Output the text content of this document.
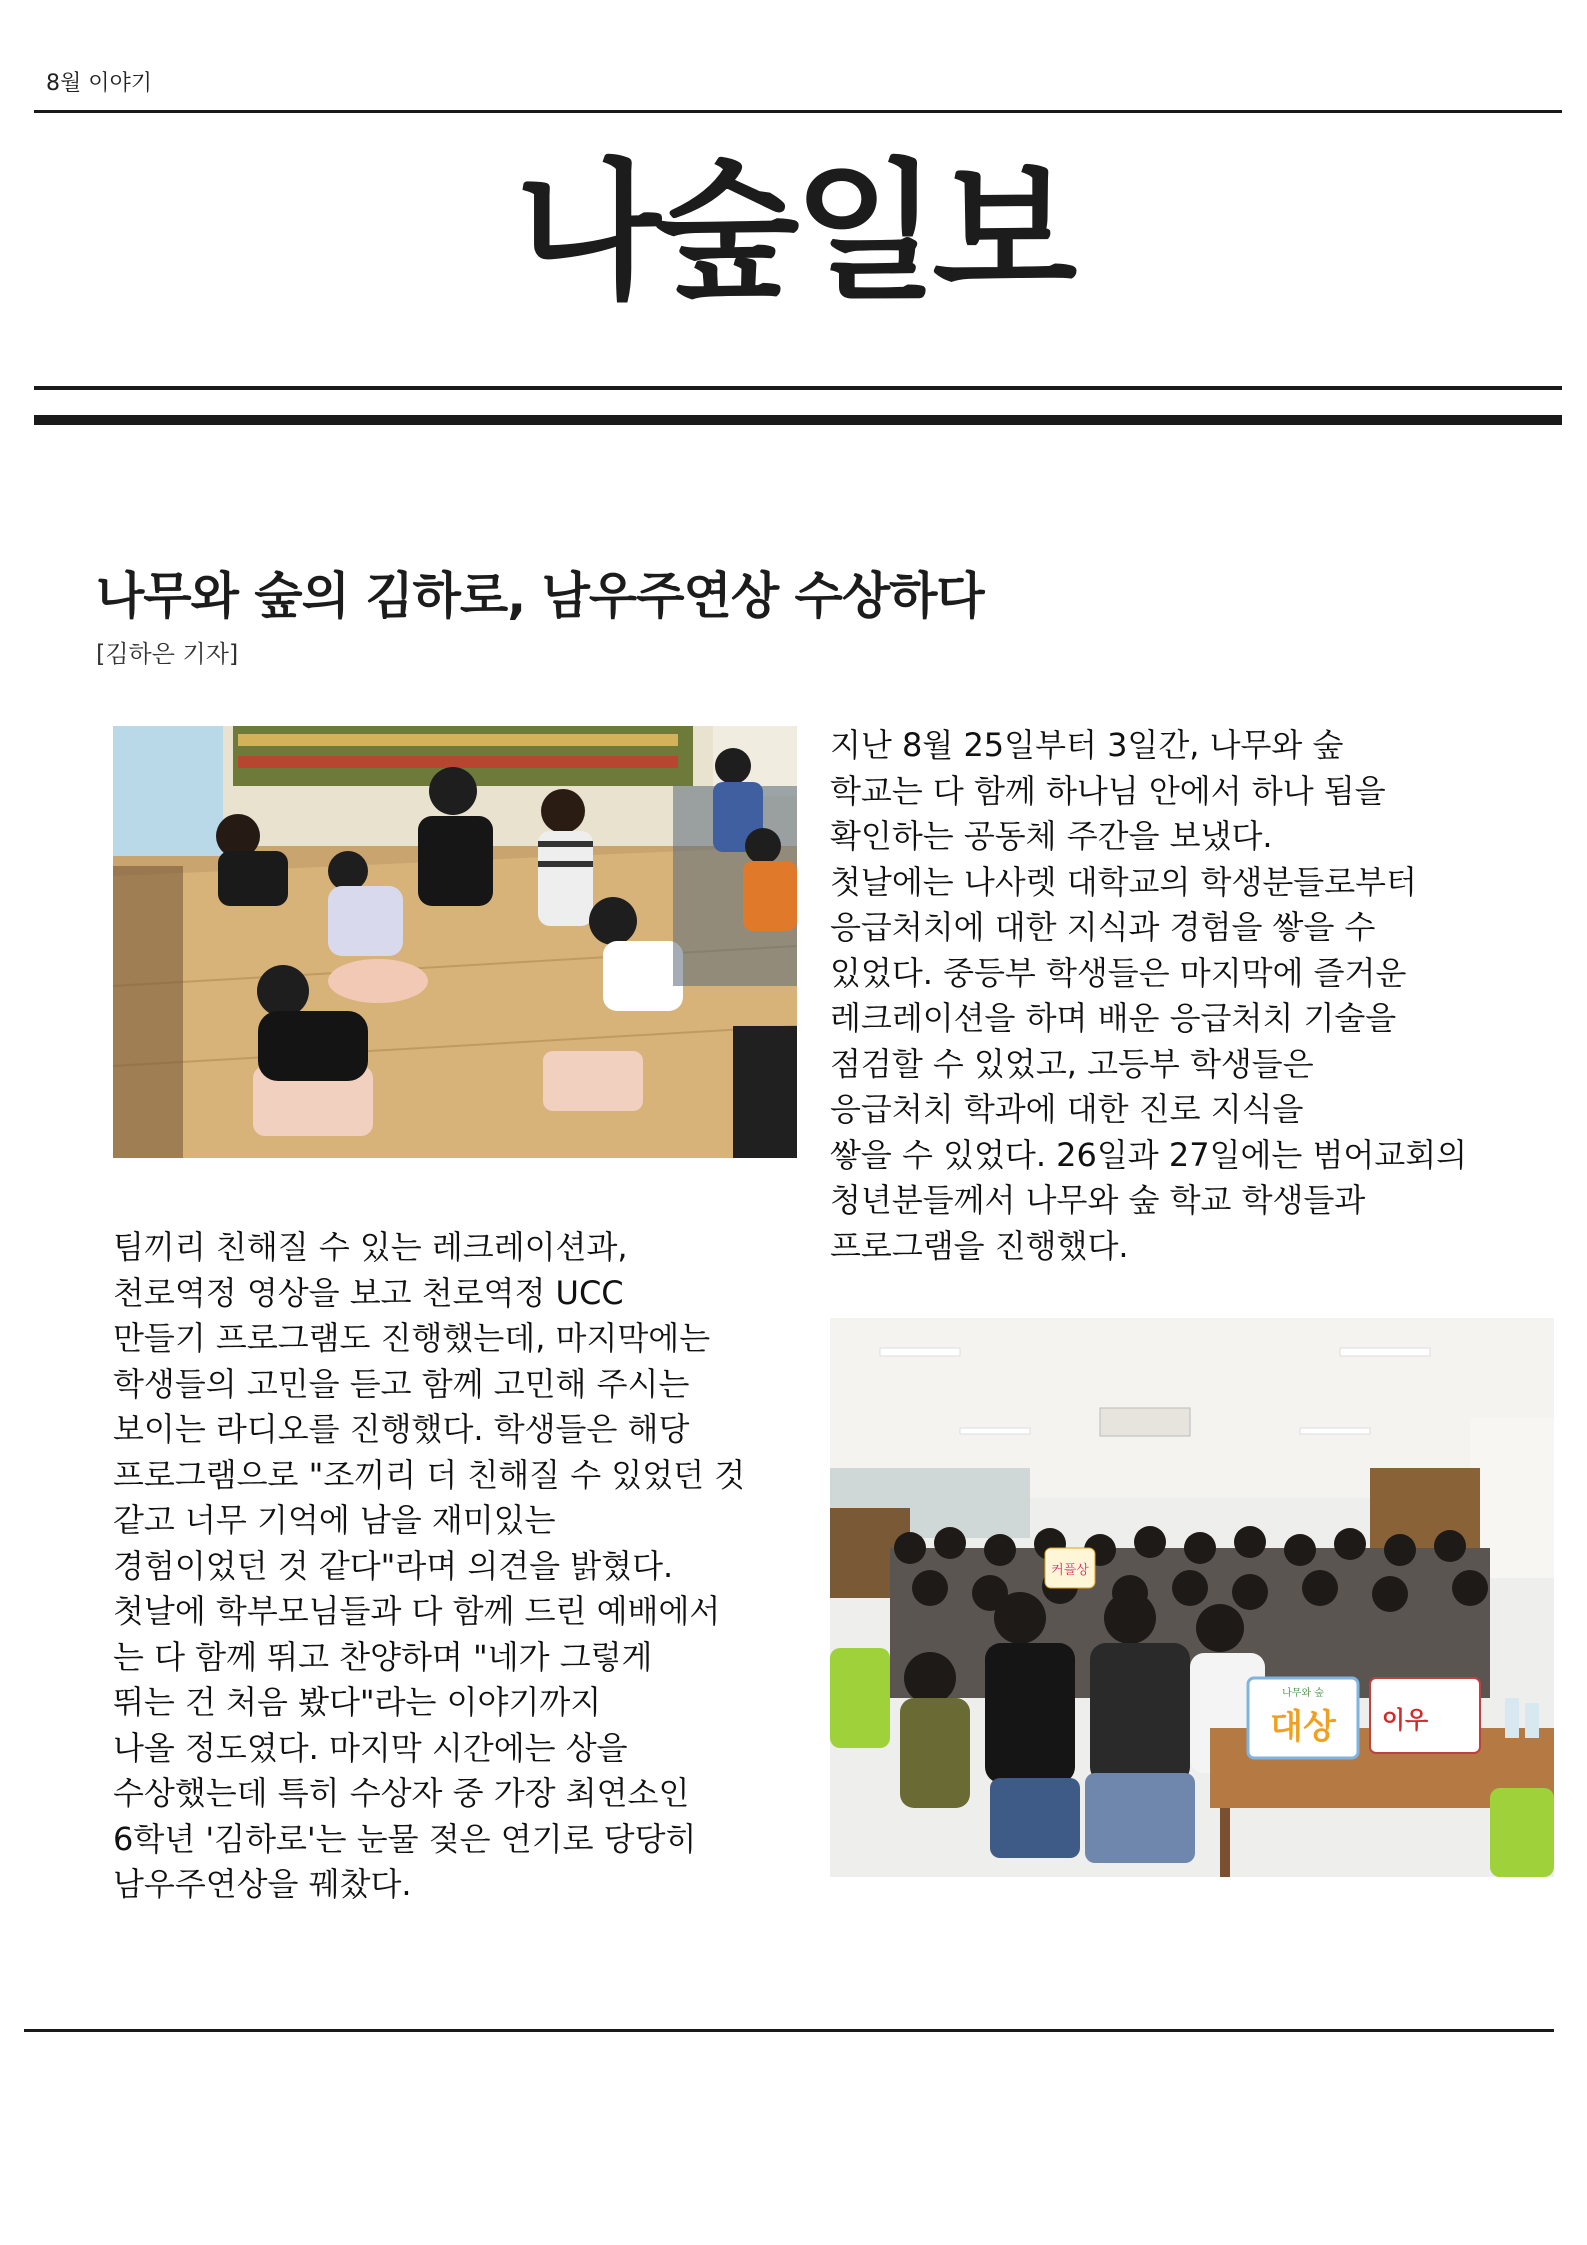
8월 이야기
나숲일보
나무와 숲의 김하로, 남우주연상 수상하다
[김하은 기자]

지난 8월 25일부터 3일간, 나무와 숲
학교는 다 함께 하나님 안에서 하나 됨을
확인하는 공동체 주간을 보냈다.
첫날에는 나사렛 대학교의 학생분들로부터
응급처치에 대한 지식과 경험을 쌓을 수
있었다. 중등부 학생들은 마지막에 즐거운
레크레이션을 하며 배운 응급처치 기술을
점검할 수 있었고, 고등부 학생들은
응급처치 학과에 대한 진로 지식을
쌓을 수 있었다. 26일과 27일에는 범어교회의
청년분들께서 나무와 숲 학교 학생들과
프로그램을 진행했다.

팀끼리 친해질 수 있는 레크레이션과,
천로역정 영상을 보고 천로역정 UCC
만들기 프로그램도 진행했는데, 마지막에는
학생들의 고민을 듣고 함께 고민해 주시는
보이는 라디오를 진행했다. 학생들은 해당
프로그램으로 "조끼리 더 친해질 수 있었던 것
같고 너무 기억에 남을 재미있는
경험이었던 것 같다"라며 의견을 밝혔다.
첫날에 학부모님들과 다 함께 드린 예배에서
는 다 함께 뛰고 찬양하며 "네가 그렇게
뛰는 건 처음 봤다"라는 이야기까지
나올 정도였다. 마지막 시간에는 상을
수상했는데 특히 수상자 중 가장 최연소인
6학년 '김하로'는 눈물 젖은 연기로 당당히
남우주연상을 꿰찼다.

커플상
나무와 숲
대상 이우
